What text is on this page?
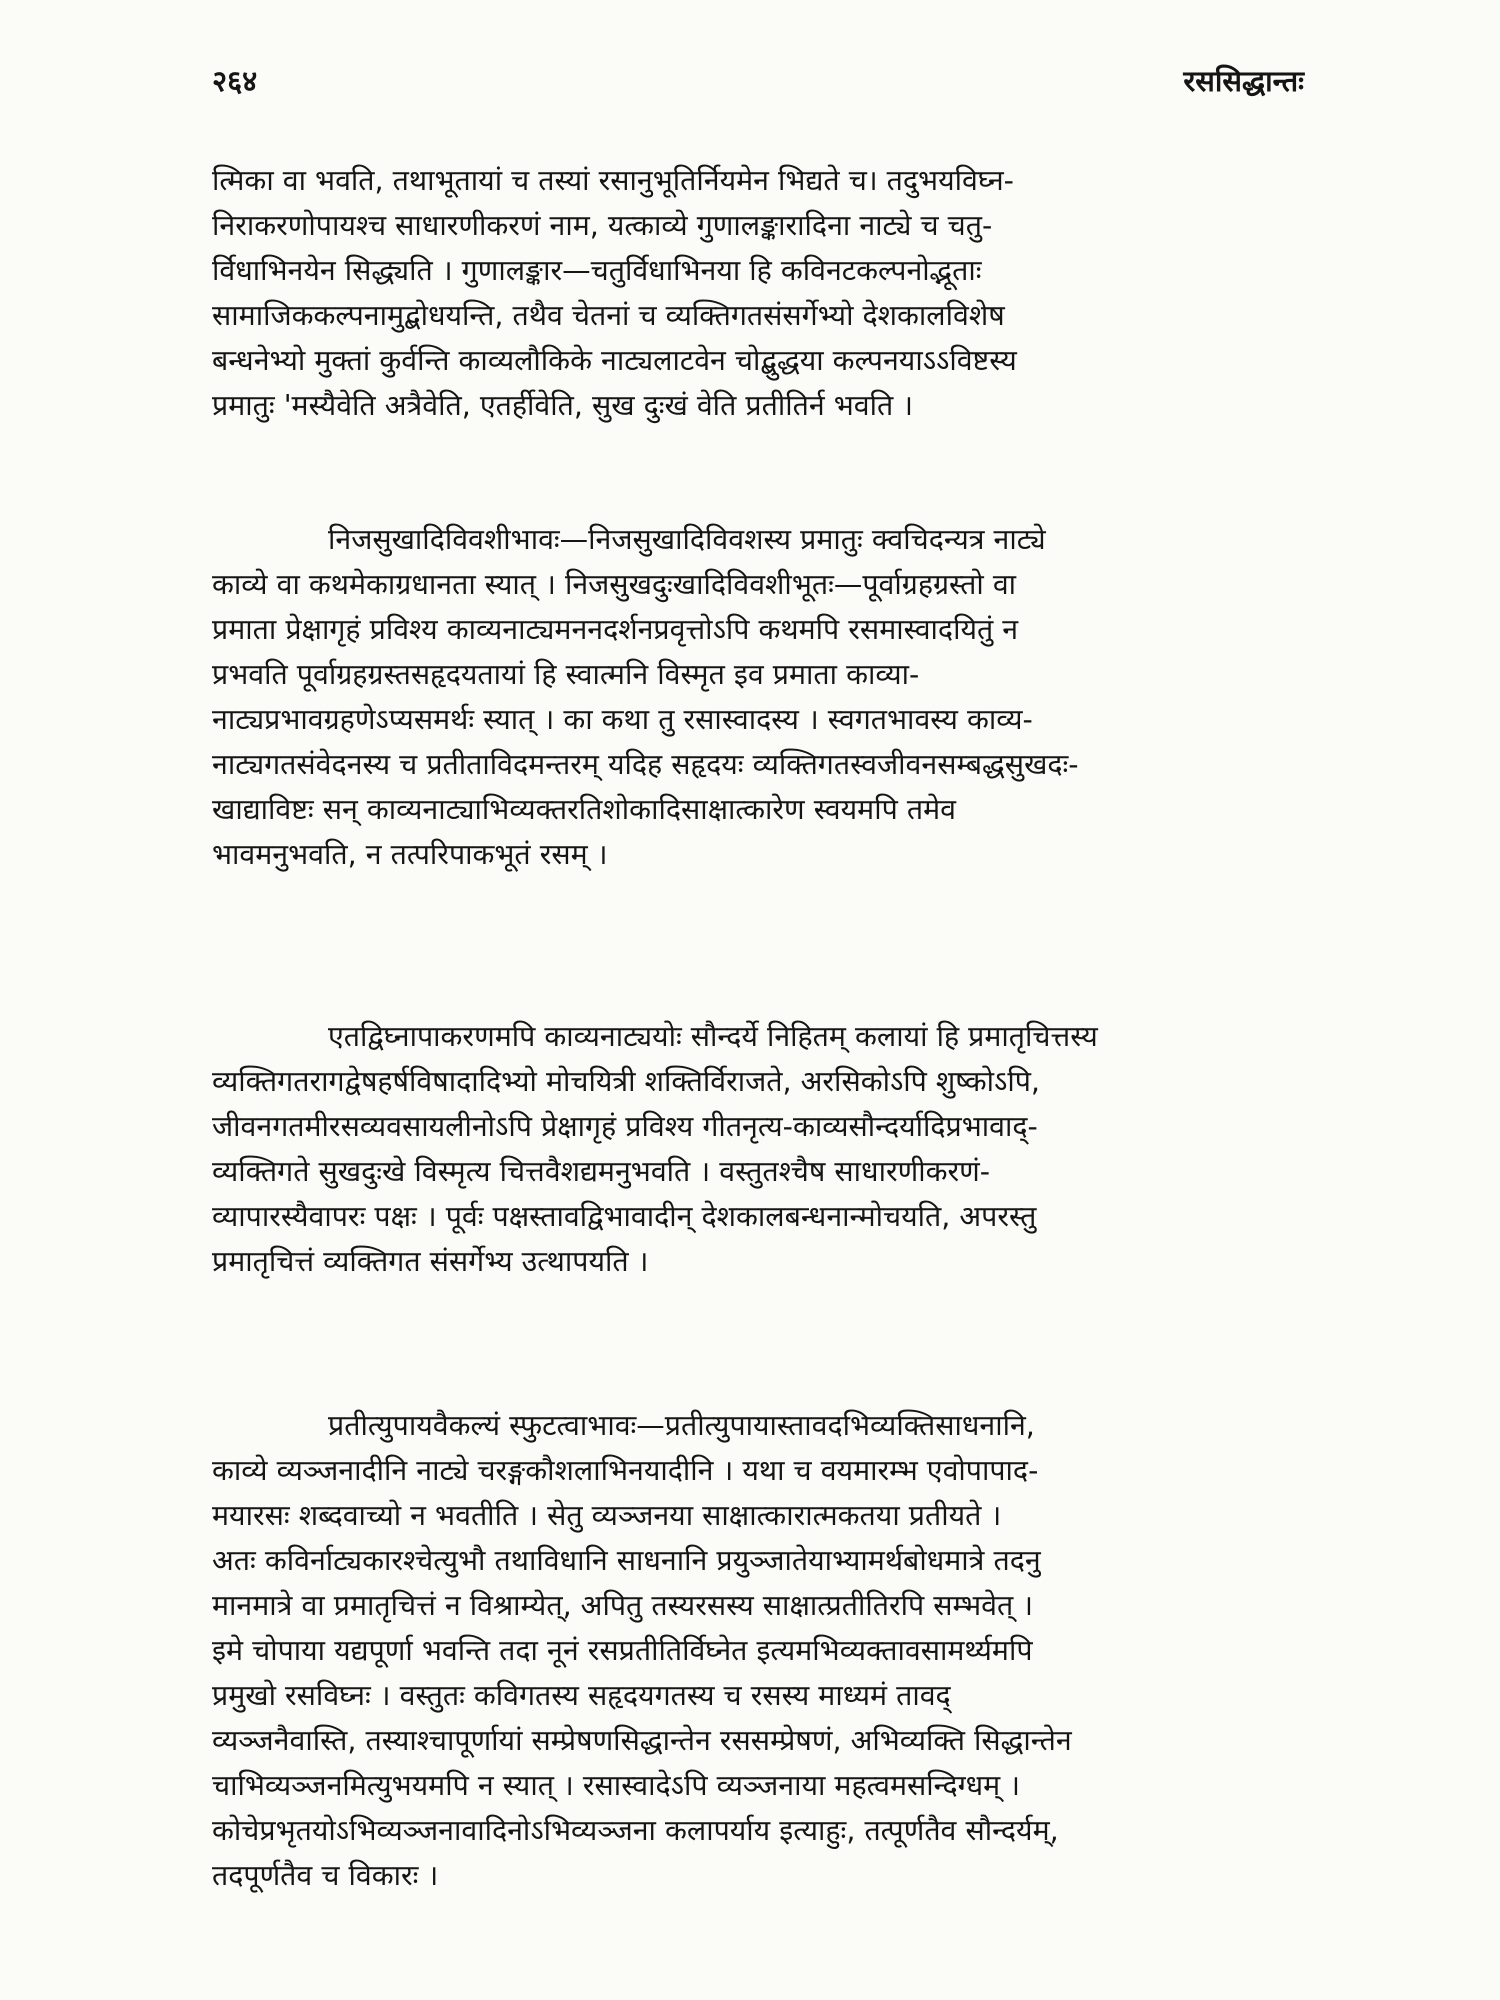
२६४	रससिद्धान्तः
त्मिका वा भवति, तथाभूतायां च तस्यां रसानुभूतिर्नियमेन भिद्यते च। तदुभयविघ्न-
निराकरणोपायश्च साधारणीकरणं नाम, यत्काव्ये गुणालङ्कारादिना नाट्ये च चतु-
र्विधाभिनयेन सिद्ध्यति । गुणालङ्कार—चतुर्विधाभिनया हि कविनटकल्पनोद्भूताः
सामाजिककल्पनामुद्बोधयन्ति, तथैव चेतनां च व्यक्तिगतसंसर्गेभ्यो देशकालविशेष
बन्धनेभ्यो मुक्तां कुर्वन्ति काव्यलौकिके नाट्यलाटवेन चोद्बुद्धया कल्पनयाऽऽविष्टस्य
प्रमातुः 'मस्यैवेति अत्रैवेति, एतर्हीवेति, सुख दुःखं वेति प्रतीतिर्न भवति ।
निजसुखादिविवशीभावः—निजसुखादिविवशस्य प्रमातुः क्वचिदन्यत्र नाट्ये
काव्ये वा कथमेकाग्रधानता स्यात् । निजसुखदुःखादिविवशीभूतः—पूर्वाग्रहग्रस्तो वा
प्रमाता प्रेक्षागृहं प्रविश्य काव्यनाट्यमननदर्शनप्रवृत्तोऽपि कथमपि रसमास्वादयितुं न
प्रभवति पूर्वाग्रहग्रस्तसहृदयतायां हि स्वात्मनि विस्मृत इव प्रमाता काव्या-
नाट्यप्रभावग्रहणेऽप्यसमर्थः स्यात् । का कथा तु रसास्वादस्य । स्वगतभावस्य काव्य-
नाट्यगतसंवेदनस्य च प्रतीताविदमन्तरम् यदिह सहृदयः व्यक्तिगतस्वजीवनसम्बद्धसुखदः-
खाद्याविष्टः सन् काव्यनाट्याभिव्यक्तरतिशोकादिसाक्षात्कारेण स्वयमपि तमेव
भावमनुभवति, न तत्परिपाकभूतं रसम् ।
एतद्विघ्नापाकरणमपि काव्यनाट्ययोः सौन्दर्ये निहितम् कलायां हि प्रमातृचित्तस्य
व्यक्तिगतरागद्वेषहर्षविषादादिभ्यो मोचयित्री शक्तिर्विराजते, अरसिकोऽपि शुष्कोऽपि,
जीवनगतमीरसव्यवसायलीनोऽपि प्रेक्षागृहं प्रविश्य गीतनृत्य-काव्यसौन्दर्यादिप्रभावाद्-
व्यक्तिगते सुखदुःखे विस्मृत्य चित्तवैशद्यमनुभवति । वस्तुतश्चैष साधारणीकरणं-
व्यापारस्यैवापरः पक्षः । पूर्वः पक्षस्तावद्विभावादीन् देशकालबन्धनान्मोचयति, अपरस्तु
प्रमातृचित्तं व्यक्तिगत संसर्गेभ्य उत्थापयति ।
प्रतीत्युपायवैकल्यं स्फुटत्वाभावः—प्रतीत्युपायास्तावदभिव्यक्तिसाधनानि,
काव्ये व्यञ्जनादीनि नाट्ये चरङ्गकौशलाभिनयादीनि । यथा च वयमारम्भ एवोपापाद-
मयारसः शब्दवाच्यो न भवतीति । सेतु व्यञ्जनया साक्षात्कारात्मकतया प्रतीयते ।
अतः कविर्नाट्यकारश्चेत्युभौ तथाविधानि साधनानि प्रयुञ्जातेयाभ्यामर्थबोधमात्रे तदनु
मानमात्रे वा प्रमातृचित्तं न विश्राम्येत्, अपितु तस्यरसस्य साक्षात्प्रतीतिरपि सम्भवेत् ।
इमे चोपाया यद्यपूर्णा भवन्ति तदा नूनं रसप्रतीतिर्विघ्नेत इत्यमभिव्यक्तावसामर्थ्यमपि
प्रमुखो रसविघ्नः । वस्तुतः कविगतस्य सहृदयगतस्य च रसस्य माध्यमं तावद्
व्यञ्जनैवास्ति, तस्याश्चापूर्णायां सम्प्रेषणसिद्धान्तेन रससम्प्रेषणं, अभिव्यक्ति सिद्धान्तेन
चाभिव्यञ्जनमित्युभयमपि न स्यात् । रसास्वादेऽपि व्यञ्जनाया महत्वमसन्दिग्धम् ।
कोचेप्रभृतयोऽभिव्यञ्जनावादिनोऽभिव्यञ्जना कलापर्याय इत्याहुः, तत्पूर्णतैव सौन्दर्यम्,
तदपूर्णतैव च विकारः ।
